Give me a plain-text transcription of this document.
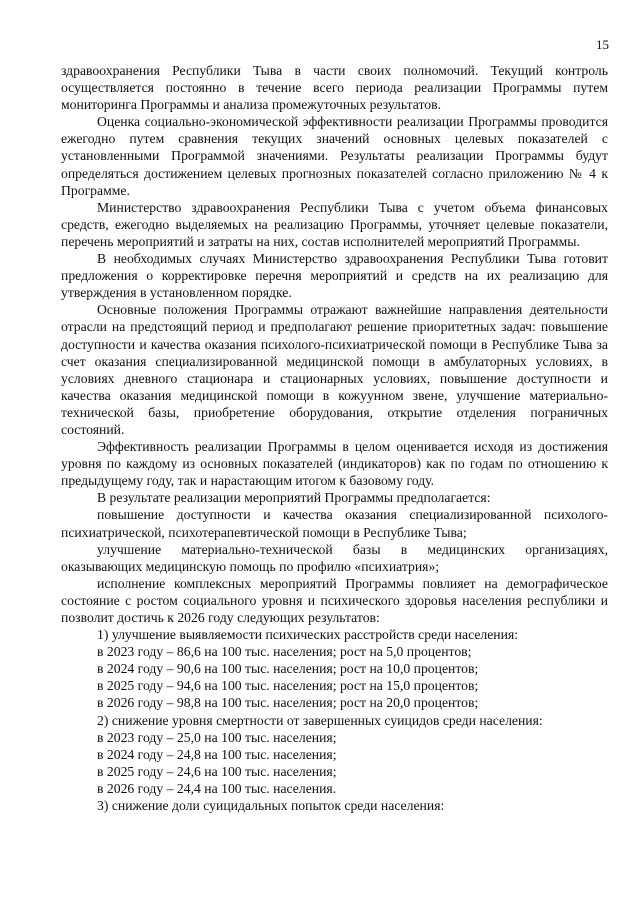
15

здравоохранения Республики Тыва в части своих полномочий. Текущий контроль осуществляется постоянно в течение всего периода реализации Программы путем мониторинга Программы и анализа промежуточных результатов.

Оценка социально-экономической эффективности реализации Программы проводится ежегодно путем сравнения текущих значений основных целевых показателей с установленными Программой значениями. Результаты реализации Программы будут определяться достижением целевых прогнозных показателей согласно приложению № 4 к Программе.

Министерство здравоохранения Республики Тыва с учетом объема финансовых средств, ежегодно выделяемых на реализацию Программы, уточняет целевые показатели, перечень мероприятий и затраты на них, состав исполнителей мероприятий Программы.

В необходимых случаях Министерство здравоохранения Республики Тыва готовит предложения о корректировке перечня мероприятий и средств на их реализацию для утверждения в установленном порядке.

Основные положения Программы отражают важнейшие направления деятельности отрасли на предстоящий период и предполагают решение приоритетных задач: повышение доступности и качества оказания психолого-психиатрической помощи в Республике Тыва за счет оказания специализированной медицинской помощи в амбулаторных условиях, в условиях дневного стационара и стационарных условиях, повышение доступности и качества оказания медицинской помощи в кожуунном звене, улучшение материально-технической базы, приобретение оборудования, открытие отделения пограничных состояний.

Эффективность реализации Программы в целом оценивается исходя из достижения уровня по каждому из основных показателей (индикаторов) как по годам по отношению к предыдущему году, так и нарастающим итогом к базовому году.

В результате реализации мероприятий Программы предполагается:

повышение доступности и качества оказания специализированной психолого-психиатрической, психотерапевтической помощи в Республике Тыва;

улучшение материально-технической базы в медицинских организациях, оказывающих медицинскую помощь по профилю «психиатрия»;

исполнение комплексных мероприятий Программы повлияет на демографическое состояние с ростом социального уровня и психического здоровья населения республики и позволит достичь к 2026 году следующих результатов:

1) улучшение выявляемости психических расстройств среди населения:

в 2023 году – 86,6 на 100 тыс. населения; рост на 5,0 процентов;

в 2024 году – 90,6 на 100 тыс. населения; рост на 10,0 процентов;

в 2025 году – 94,6 на 100 тыс. населения; рост на 15,0 процентов;

в 2026 году – 98,8 на 100 тыс. населения; рост на 20,0 процентов;

2) снижение уровня смертности от завершенных суицидов среди населения:

в 2023 году – 25,0 на 100 тыс. населения;

в 2024 году – 24,8 на 100 тыс. населения;

в 2025 году – 24,6 на 100 тыс. населения;

в 2026 году – 24,4 на 100 тыс. населения.

3) снижение доли суицидальных попыток среди населения:
